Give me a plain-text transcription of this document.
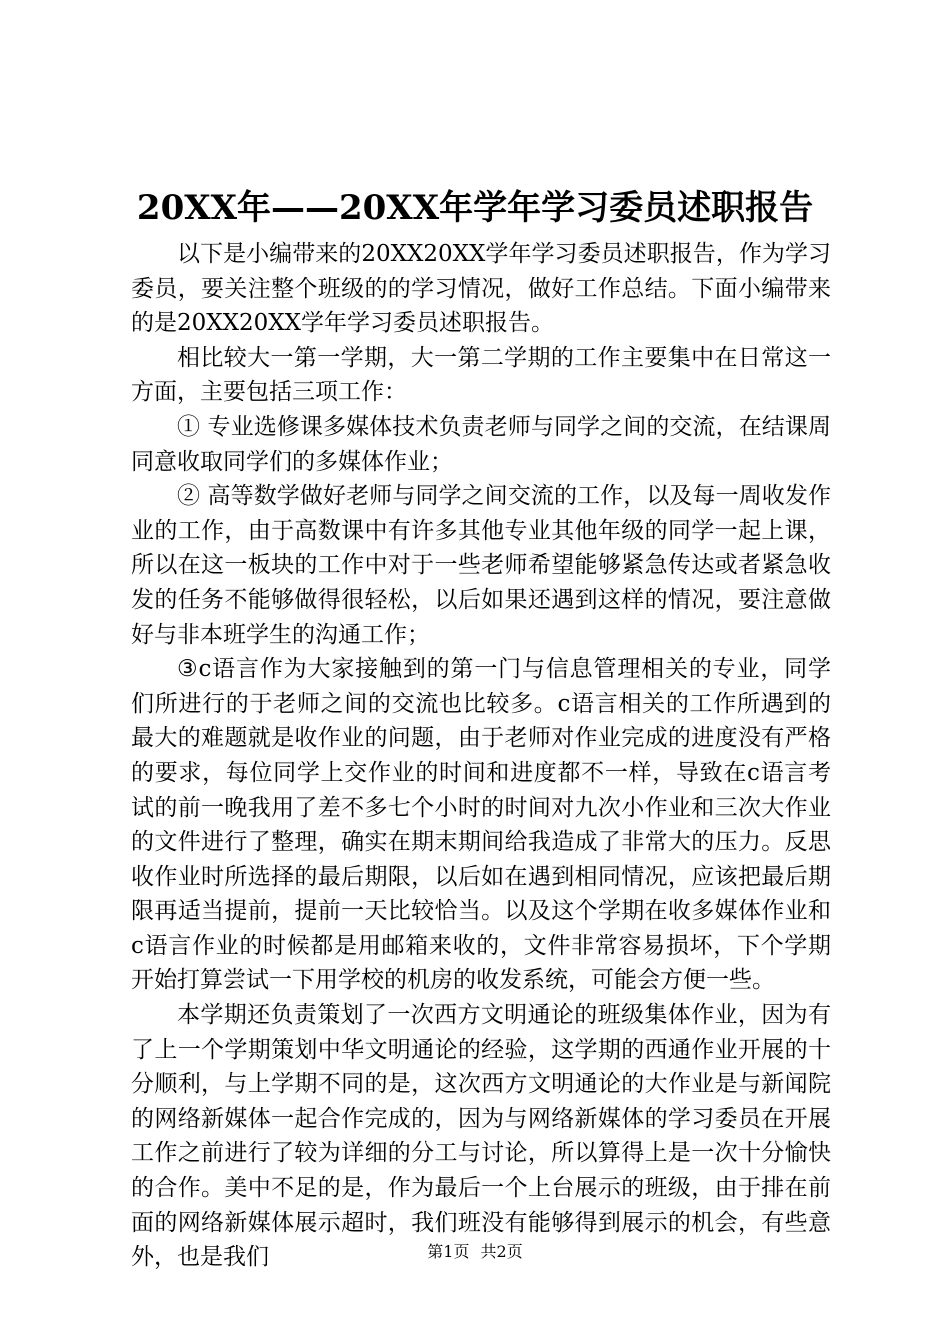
20XX年——20XX年学年学习委员述职报告

以下是小编带来的20XX20XX学年学习委员述职报告，作为学习委员，要关注整个班级的的学习情况，做好工作总结。下面小编带来的是20XX20XX学年学习委员述职报告。

相比较大一第一学期，大一第二学期的工作主要集中在日常这一方面，主要包括三项工作：

① 专业选修课多媒体技术负责老师与同学之间的交流，在结课周同意收取同学们的多媒体作业；

② 高等数学做好老师与同学之间交流的工作，以及每一周收发作业的工作，由于高数课中有许多其他专业其他年级的同学一起上课，所以在这一板块的工作中对于一些老师希望能够紧急传达或者紧急收发的任务不能够做得很轻松，以后如果还遇到这样的情况，要注意做好与非本班学生的沟通工作；

③c语言作为大家接触到的第一门与信息管理相关的专业，同学们所进行的于老师之间的交流也比较多。c语言相关的工作所遇到的最大的难题就是收作业的问题，由于老师对作业完成的进度没有严格的要求，每位同学上交作业的时间和进度都不一样，导致在c语言考试的前一晚我用了差不多七个小时的时间对九次小作业和三次大作业的文件进行了整理，确实在期末期间给我造成了非常大的压力。反思收作业时所选择的最后期限，以后如在遇到相同情况，应该把最后期限再适当提前，提前一天比较恰当。以及这个学期在收多媒体作业和c语言作业的时候都是用邮箱来收的，文件非常容易损坏，下个学期开始打算尝试一下用学校的机房的收发系统，可能会方便一些。

本学期还负责策划了一次西方文明通论的班级集体作业，因为有了上一个学期策划中华文明通论的经验，这学期的西通作业开展的十分顺利，与上学期不同的是，这次西方文明通论的大作业是与新闻院的网络新媒体一起合作完成的，因为与网络新媒体的学习委员在开展工作之前进行了较为详细的分工与讨论，所以算得上是一次十分愉快的合作。美中不足的是，作为最后一个上台展示的班级，由于排在前面的网络新媒体展示超时，我们班没有能够得到展示的机会，有些意外，也是我们	第1页 共2页
